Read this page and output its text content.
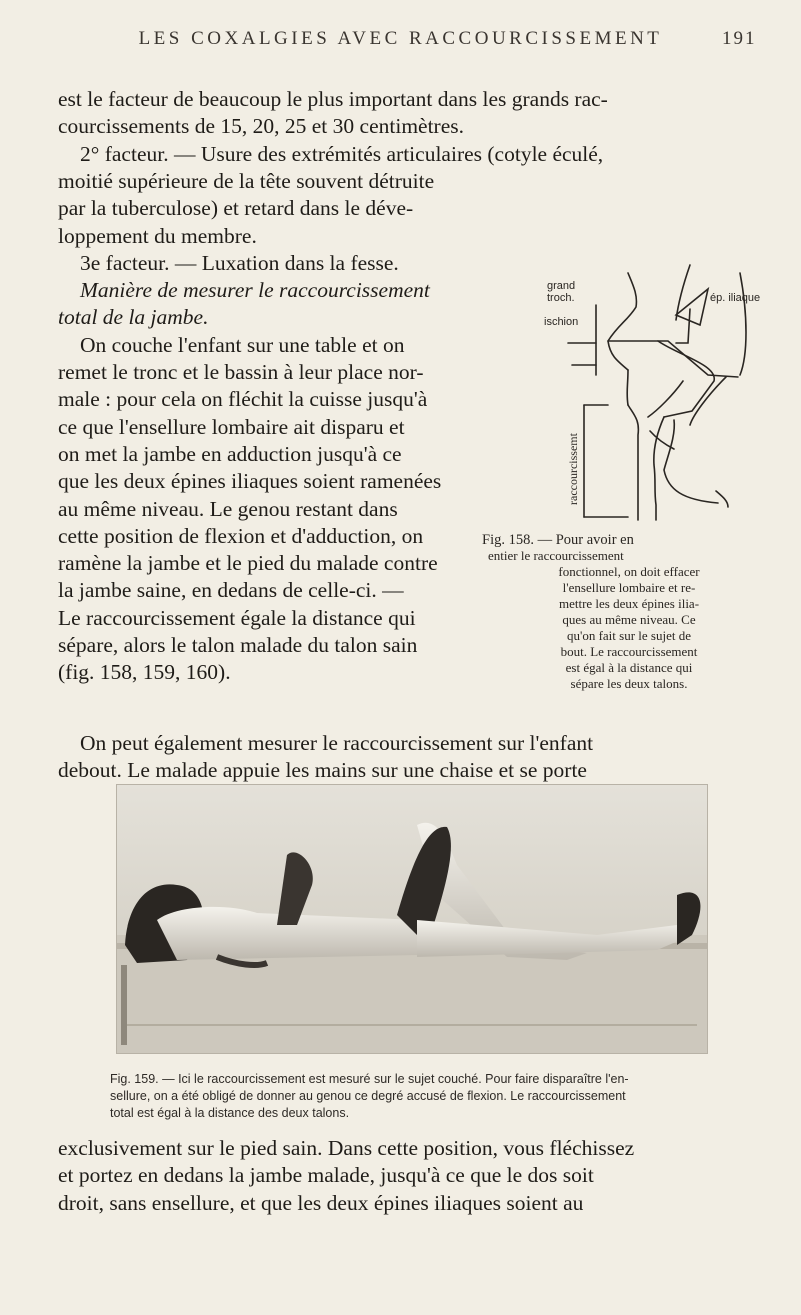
LES COXALGIES AVEC RACCOURCISSEMENT	191

est le facteur de beaucoup le plus important dans les grands rac-

courcissements de 15, 20, 25 et 30 centimètres.

2° facteur. — Usure des extrémités articulaires (cotyle éculé,

moitié supérieure de la tête souvent détruite

par la tuberculose) et retard dans le déve-

loppement du membre.

3e facteur. — Luxation dans la fesse.

Manière de mesurer le raccourcissement

total de la jambe.

On couche l'enfant sur une table et on

remet le tronc et le bassin à leur place nor-

male : pour cela on fléchit la cuisse jusqu'à

ce que l'ensellure lombaire ait disparu et

on met la jambe en adduction jusqu'à ce

que les deux épines iliaques soient ramenées

au même niveau. Le genou restant dans

cette position de flexion et d'adduction, on

ramène la jambe et le pied du malade contre

la jambe saine, en dedans de celle-ci. —

Le raccourcissement égale la distance qui

sépare, alors le talon malade du talon sain

(fig. 158, 159, 160).

grand
troch.
ischion
ép. iliaque
raccourcissemt
Fig. 158. — Pour avoir en
entier le raccourcissement
fonctionnel, on doit effacer
l'ensellure lombaire et re-
mettre les deux épines ilia-
ques au même niveau. Ce
qu'on fait sur le sujet de
bout. Le raccourcissement
est égal à la distance qui
sépare les deux talons.

On peut également mesurer le raccourcissement sur l'enfant

debout. Le malade appuie les mains sur une chaise et se porte

Fig. 159. — Ici le raccourcissement est mesuré sur le sujet couché. Pour faire disparaître l'en-
sellure, on a été obligé de donner au genou ce degré accusé de flexion. Le raccourcissement
total est égal à la distance des deux talons.

exclusivement sur le pied sain. Dans cette position, vous fléchissez

et portez en dedans la jambe malade, jusqu'à ce que le dos soit

droit, sans ensellure, et que les deux épines iliaques soient au
